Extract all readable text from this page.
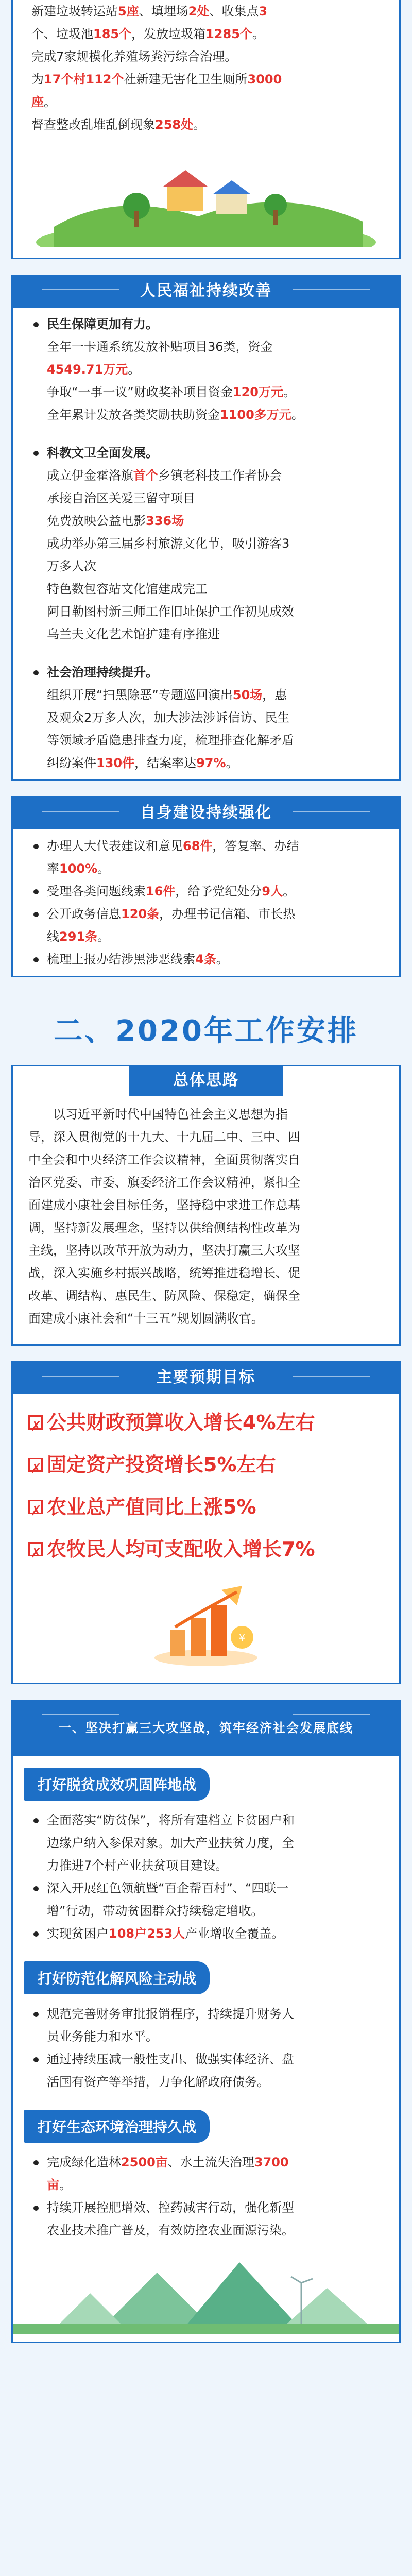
新建垃圾转运站5座、填埋场2处、收集点3
个、垃圾池185个，发放垃圾箱1285个。
完成7家规模化养殖场粪污综合治理。
为17个村112个社新建无害化卫生厕所3000
座。
督查整改乱堆乱倒现象258处。
人民福祉持续改善
民生保障更加有力。
全年一卡通系统发放补贴项目36类，资金
4549.71万元。
争取“一事一议”财政奖补项目资金120万元。
全年累计发放各类奖励扶助资金1100多万元。
科教文卫全面发展。
成立伊金霍洛旗首个乡镇老科技工作者协会
承接自治区关爱三留守项目
免费放映公益电影336场
成功举办第三届乡村旅游文化节，吸引游客3
万多人次
特色数包容站文化馆建成完工
阿日勒图村新三师工作旧址保护工作初见成效
乌兰夫文化艺术馆扩建有序推进
社会治理持续提升。
组织开展“扫黑除恶”专题巡回演出50场，惠
及观众2万多人次，加大涉法涉诉信访、民生
等领域矛盾隐患排查力度，梳理排查化解矛盾
纠纷案件130件，结案率达97%。
自身建设持续强化
办理人大代表建议和意见68件，答复率、办结
率100%。
受理各类问题线索16件，给予党纪处分9人。
公开政务信息120条，办理书记信箱、市长热
线291条。
梳理上报办结涉黑涉恶线索4条。
二、2020年工作安排
总体思路
以习近平新时代中国特色社会主义思想为指
导，深入贯彻党的十九大、十九届二中、三中、四
中全会和中央经济工作会议精神，全面贯彻落实自
治区党委、市委、旗委经济工作会议精神，紧扣全
面建成小康社会目标任务，坚持稳中求进工作总基
调，坚持新发展理念，坚持以供给侧结构性改革为
主线，坚持以改革开放为动力，坚决打赢三大攻坚
战，深入实施乡村振兴战略，统筹推进稳增长、促
改革、调结构、惠民生、防风险、保稳定，确保全
面建成小康社会和“十三五”规划圆满收官。
主要预期目标
✗
公共财政预算收入增长4%左右
✗
固定资产投资增长5%左右
✗
农业总产值同比上涨5%
✗
农牧民人均可支配收入增长7%
¥
一、坚决打赢三大攻坚战，筑牢经济社会发展底线
打好脱贫成效巩固阵地战
全面落实“防贫保”，将所有建档立卡贫困户和
边缘户纳入参保对象。加大产业扶贫力度，全
力推进7个村产业扶贫项目建设。
深入开展红色领航暨“百企帮百村”、“四联一
增”行动，带动贫困群众持续稳定增收。
实现贫困户108户253人产业增收全覆盖。
打好防范化解风险主动战
规范完善财务审批报销程序，持续提升财务人
员业务能力和水平。
通过持续压减一般性支出、做强实体经济、盘
活国有资产等举措，力争化解政府债务。
打好生态环境治理持久战
完成绿化造林2500亩、水土流失治理3700
亩。
持续开展控肥增效、控药减害行动，强化新型
农业技术推广普及，有效防控农业面源污染。
